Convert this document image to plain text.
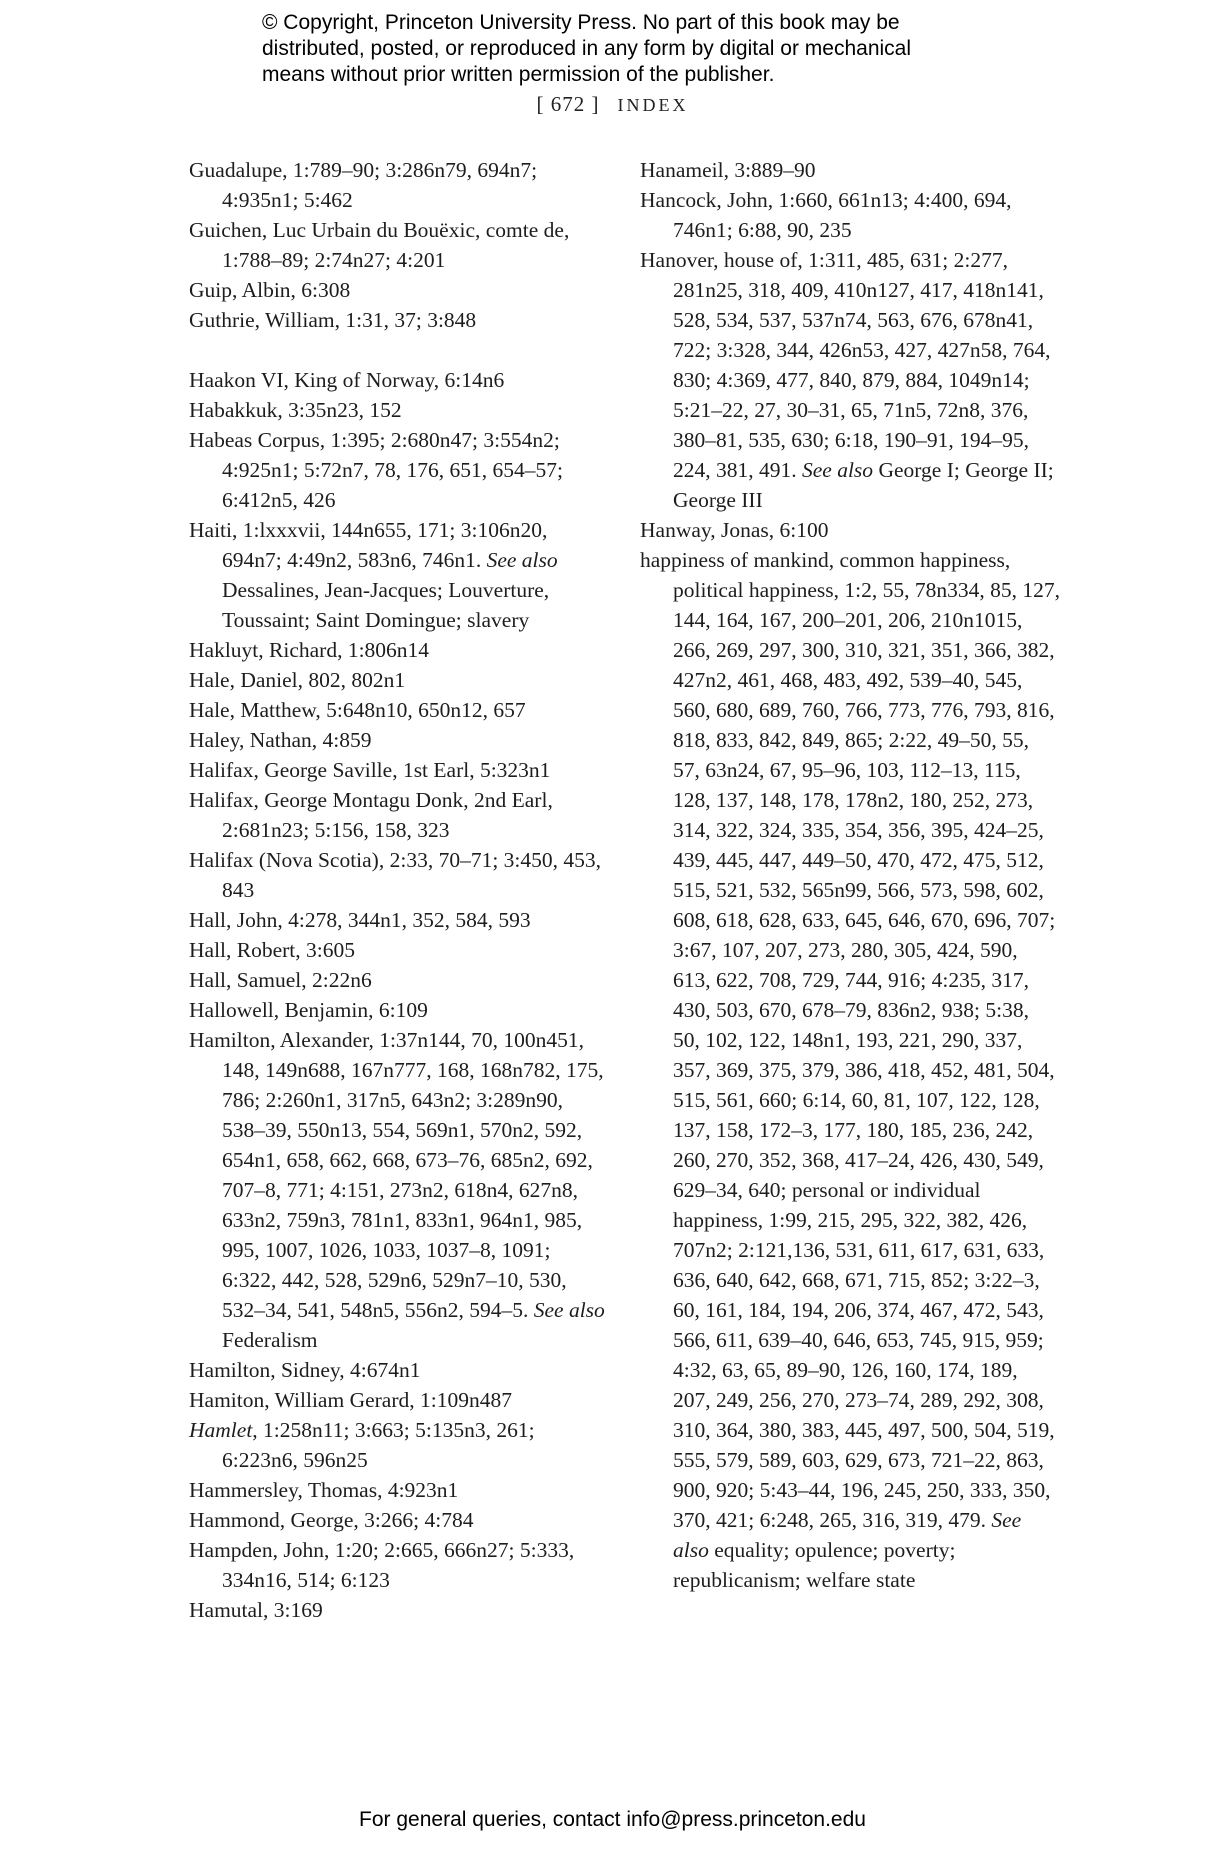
© Copyright, Princeton University Press. No part of this book may be
distributed, posted, or reproduced in any form by digital or mechanical
means without prior written permission of the publisher.
[ 672 ] INDEX

Guadalupe, 1:789–90; 3:286n79, 694n7; 4:935n1; 5:462

Guichen, Luc Urbain du Bouëxic, comte de, 1:788–89; 2:74n27; 4:201

Guip, Albin, 6:308

Guthrie, William, 1:31, 37; 3:848

Haakon VI, King of Norway, 6:14n6

Habakkuk, 3:35n23, 152

Habeas Corpus, 1:395; 2:680n47; 3:554n2; 4:925n1; 5:72n7, 78, 176, 651, 654–57; 6:412n5, 426

Haiti, 1:lxxxvii, 144n655, 171; 3:106n20, 694n7; 4:49n2, 583n6, 746n1. See also Dessalines, Jean-Jacques; Louverture, Toussaint; Saint Domingue; slavery

Hakluyt, Richard, 1:806n14

Hale, Daniel, 802, 802n1

Hale, Matthew, 5:648n10, 650n12, 657

Haley, Nathan, 4:859

Halifax, George Saville, 1st Earl, 5:323n1

Halifax, George Montagu Donk, 2nd Earl, 2:681n23; 5:156, 158, 323

Halifax (Nova Scotia), 2:33, 70–71; 3:450, 453, 843

Hall, John, 4:278, 344n1, 352, 584, 593

Hall, Robert, 3:605

Hall, Samuel, 2:22n6

Hallowell, Benjamin, 6:109

Hamilton, Alexander, 1:37n144, 70, 100n451, 148, 149n688, 167n777, 168, 168n782, 175, 786; 2:260n1, 317n5, 643n2; 3:289n90, 538–39, 550n13, 554, 569n1, 570n2, 592, 654n1, 658, 662, 668, 673–76, 685n2, 692, 707–8, 771; 4:151, 273n2, 618n4, 627n8, 633n2, 759n3, 781n1, 833n1, 964n1, 985, 995, 1007, 1026, 1033, 1037–8, 1091; 6:322, 442, 528, 529n6, 529n7–10, 530, 532–34, 541, 548n5, 556n2, 594–5. See also Federalism

Hamilton, Sidney, 4:674n1

Hamiton, William Gerard, 1:109n487

Hamlet, 1:258n11; 3:663; 5:135n3, 261; 6:223n6, 596n25

Hammersley, Thomas, 4:923n1

Hammond, George, 3:266; 4:784

Hampden, John, 1:20; 2:665, 666n27; 5:333, 334n16, 514; 6:123

Hamutal, 3:169

Hanameil, 3:889–90

Hancock, John, 1:660, 661n13; 4:400, 694, 746n1; 6:88, 90, 235

Hanover, house of, 1:311, 485, 631; 2:277, 281n25, 318, 409, 410n127, 417, 418n141, 528, 534, 537, 537n74, 563, 676, 678n41, 722; 3:328, 344, 426n53, 427, 427n58, 764, 830; 4:369, 477, 840, 879, 884, 1049n14; 5:21–22, 27, 30–31, 65, 71n5, 72n8, 376, 380–81, 535, 630; 6:18, 190–91, 194–95, 224, 381, 491. See also George I; George II; George III

Hanway, Jonas, 6:100

happiness of mankind, common happiness, political happiness, 1:2, 55, 78n334, 85, 127, 144, 164, 167, 200–201, 206, 210n1015, 266, 269, 297, 300, 310, 321, 351, 366, 382, 427n2, 461, 468, 483, 492, 539–40, 545, 560, 680, 689, 760, 766, 773, 776, 793, 816, 818, 833, 842, 849, 865; 2:22, 49–50, 55, 57, 63n24, 67, 95–96, 103, 112–13, 115, 128, 137, 148, 178, 178n2, 180, 252, 273, 314, 322, 324, 335, 354, 356, 395, 424–25, 439, 445, 447, 449–50, 470, 472, 475, 512, 515, 521, 532, 565n99, 566, 573, 598, 602, 608, 618, 628, 633, 645, 646, 670, 696, 707; 3:67, 107, 207, 273, 280, 305, 424, 590, 613, 622, 708, 729, 744, 916; 4:235, 317, 430, 503, 670, 678–79, 836n2, 938; 5:38, 50, 102, 122, 148n1, 193, 221, 290, 337, 357, 369, 375, 379, 386, 418, 452, 481, 504, 515, 561, 660; 6:14, 60, 81, 107, 122, 128, 137, 158, 172–3, 177, 180, 185, 236, 242, 260, 270, 352, 368, 417–24, 426, 430, 549, 629–34, 640; personal or individual happiness, 1:99, 215, 295, 322, 382, 426, 707n2; 2:121,136, 531, 611, 617, 631, 633, 636, 640, 642, 668, 671, 715, 852; 3:22–3, 60, 161, 184, 194, 206, 374, 467, 472, 543, 566, 611, 639–40, 646, 653, 745, 915, 959; 4:32, 63, 65, 89–90, 126, 160, 174, 189, 207, 249, 256, 270, 273–74, 289, 292, 308, 310, 364, 380, 383, 445, 497, 500, 504, 519, 555, 579, 589, 603, 629, 673, 721–22, 863, 900, 920; 5:43–44, 196, 245, 250, 333, 350, 370, 421; 6:248, 265, 316, 319, 479. See also equality; opulence; poverty; republicanism; welfare state

For general queries, contact info@press.princeton.edu
